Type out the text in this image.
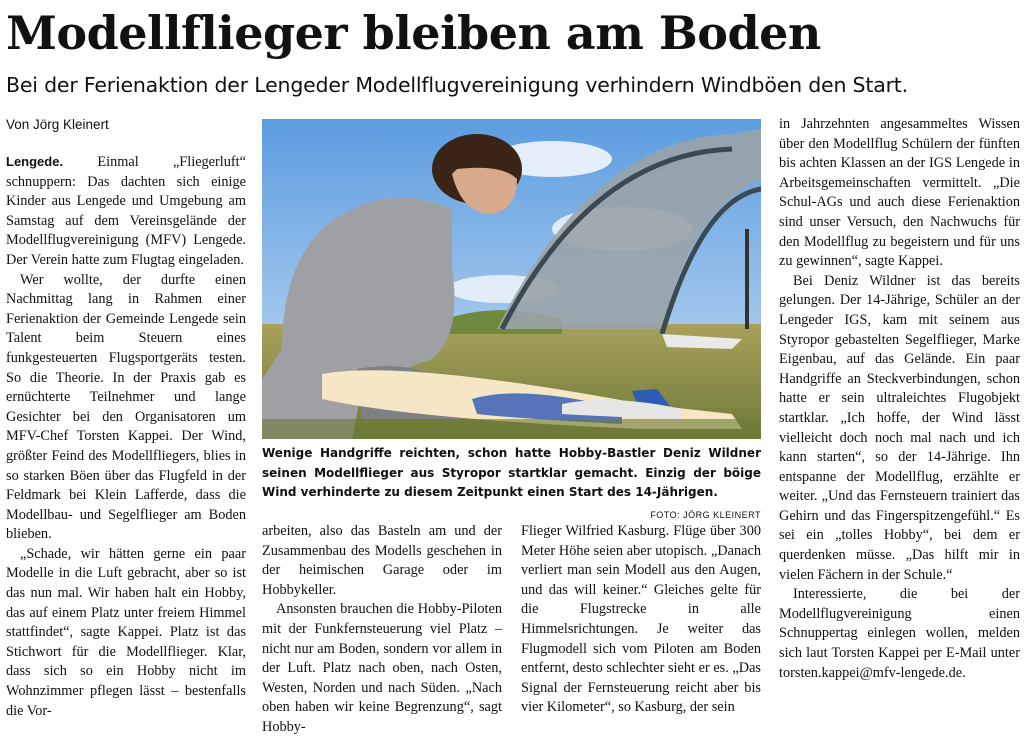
Modellflieger bleiben am Boden
Bei der Ferienaktion der Lengeder Modellflugvereinigung verhindern Windböen den Start.
Von Jörg Kleinert

Lengede. Einmal „Fliegerluft“ schnuppern: Das dachten sich einige Kinder aus Lengede und Umgebung am Samstag auf dem Vereinsgelände der Modellflugvereinigung (MFV) Lengede. Der Verein hatte zum Flugtag eingeladen.

Wer wollte, der durfte einen Nachmittag lang in Rahmen einer Ferienaktion der Gemeinde Lengede sein Talent beim Steuern eines funkgesteuerten Flugsportgeräts testen. So die Theorie. In der Praxis gab es ernüchterte Teilnehmer und lange Gesichter bei den Organisatoren um MFV-Chef Torsten Kappei. Der Wind, größter Feind des Modellfliegers, blies in so starken Böen über das Flugfeld in der Feldmark bei Klein Lafferde, dass die Modellbau- und Segelflieger am Boden blieben.

„Schade, wir hätten gerne ein paar Modelle in die Luft gebracht, aber so ist das nun mal. Wir haben halt ein Hobby, das auf einem Platz unter freiem Himmel stattfindet“, sagte Kappei. Platz ist das Stichwort für die Modellflieger. Klar, dass sich so ein Hobby nicht im Wohnzimmer pflegen lässt – bestenfalls die Vor-

Wenige Handgriffe reichten, schon hatte Hobby-Bastler Deniz Wildner seinen Modellflieger aus Styropor startklar gemacht. Einzig der böige Wind verhinderte zu diesem Zeitpunkt einen Start des 14-Jährigen.
FOTO: JÖRG KLEINERT

arbeiten, also das Basteln am und der Zusammenbau des Modells geschehen in der heimischen Garage oder im Hobbykeller.

Ansonsten brauchen die Hobby-Piloten mit der Funkfernsteuerung viel Platz – nicht nur am Boden, sondern vor allem in der Luft. Platz nach oben, nach Osten, Westen, Norden und nach Süden. „Nach oben haben wir keine Begrenzung“, sagt Hobby-

Flieger Wilfried Kasburg. Flüge über 300 Meter Höhe seien aber utopisch. „Danach verliert man sein Modell aus den Augen, und das will keiner.“ Gleiches gelte für die Flugstrecke in alle Himmelsrichtungen. Je weiter das Flugmodell sich vom Piloten am Boden entfernt, desto schlechter sieht er es. „Das Signal der Fernsteuerung reicht aber bis vier Kilometer“, so Kasburg, der sein

in Jahrzehnten angesammeltes Wissen über den Modellflug Schülern der fünften bis achten Klassen an der IGS Lengede in Arbeitsgemeinschaften vermittelt. „Die Schul-AGs und auch diese Ferienaktion sind unser Versuch, den Nachwuchs für den Modellflug zu begeistern und für uns zu gewinnen“, sagte Kappei.

Bei Deniz Wildner ist das bereits gelungen. Der 14-Jährige, Schüler an der Lengeder IGS, kam mit seinem aus Styropor gebastelten Segelflieger, Marke Eigenbau, auf das Gelände. Ein paar Handgriffe an Steckverbindungen, schon hatte er sein ultraleichtes Flugobjekt startklar. „Ich hoffe, der Wind lässt vielleicht doch noch mal nach und ich kann starten“, so der 14-Jährige. Ihn entspanne der Modellflug, erzählte er weiter. „Und das Fernsteuern trainiert das Gehirn und das Fingerspitzengefühl.“ Es sei ein „tolles Hobby“, bei dem er querdenken müsse. „Das hilft mir in vielen Fächern in der Schule.“

Interessierte, die bei der Modellflugvereinigung einen Schnuppertag einlegen wollen, melden sich laut Torsten Kappei per E-Mail unter torsten.kappei@mfv-lengede.de.
